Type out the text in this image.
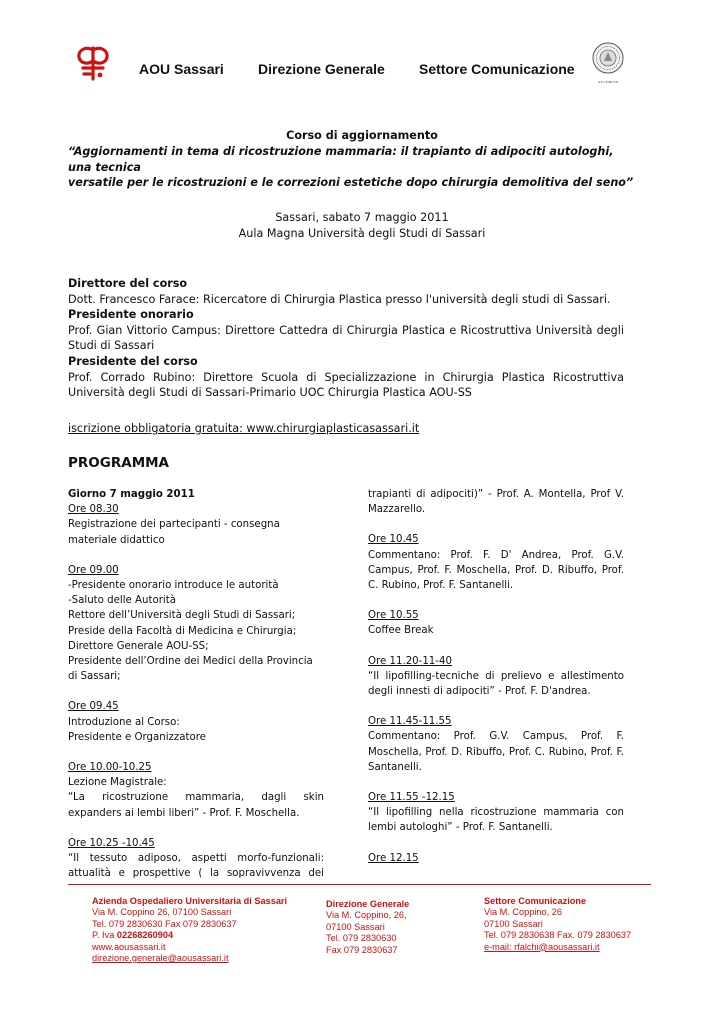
AOU Sassari Direzione Generale Settore Comunicazione
A.D. MDLXII
Corso di aggiornamento
“Aggiornamenti in tema di ricostruzione mammaria: il trapianto di adipociti autologhi, una tecnica
versatile per le ricostruzioni e le correzioni estetiche dopo chirurgia demolitiva del seno”
Sassari, sabato 7 maggio 2011
Aula Magna Università degli Studi di Sassari
Direttore del corso
Dott. Francesco Farace: Ricercatore di Chirurgia Plastica presso l'università degli studi di Sassari.
Presidente onorario
Prof. Gian Vittorio Campus: Direttore Cattedra di Chirurgia Plastica e Ricostruttiva Università degli Studi di Sassari
Presidente del corso
Prof. Corrado Rubino: Direttore Scuola di Specializzazione in Chirurgia Plastica Ricostruttiva Università degli Studi di Sassari-Primario UOC Chirurgia Plastica AOU-SS
iscrizione obbligatoria gratuita: www.chirurgiaplasticasassari.it
PROGRAMMA

Giorno 7 maggio 2011

Ore 08.30

Registrazione dei partecipanti - consegna materiale didattico

Ore 09.00

-Presidente onorario introduce le autorità

-Saluto delle Autorità

Rettore dell’Università degli Studi di Sassari;

Preside della Facoltà di Medicina e Chirurgia;

Direttore Generale AOU-SS;

Presidente dell’Ordine dei Medici della Provincia di Sassari;

Ore 09.45

Introduzione al Corso:

Presidente e Organizzatore

Ore 10.00-10.25

Lezione Magistrale:

“La ricostruzione mammaria, dagli skin expanders ai lembi liberi” - Prof. F. Moschella.

Ore 10.25 -10.45

“Il tessuto adiposo, aspetti morfo-funzionali: attualità e prospettive ( la sopravivvenza dei

trapianti di adipociti)” - Prof. A. Montella, Prof V. Mazzarello.

Ore 10.45

Commentano: Prof. F. D' Andrea, Prof. G.V. Campus, Prof. F. Moschella, Prof. D. Ribuffo, Prof. C. Rubino, Prof. F. Santanelli.

Ore 10.55

Coffee Break

Ore 11.20-11-40

“Il lipofilling-tecniche di prelievo e allestimento degli innesti di adipociti” - Prof. F. D'andrea.

Ore 11.45-11.55

Commentano: Prof. G.V. Campus, Prof. F. Moschella, Prof. D. Ribuffo, Prof. C. Rubino, Prof. F. Santanelli.

Ore 11.55 -12.15

“Il lipofilling nella ricostruzione mammaria con lembi autologhi” - Prof. F. Santanelli.

Ore 12.15

Azienda Ospedaliero Universitaria di Sassari
Via M. Coppino 26, 07100 Sassari
Tel. 079 2830630 Fax 079 2830637
P. Iva 02268260904
www.aousassari.it
direzione.generale@aousassari.it
Direzione Generale
Via M. Coppino, 26,
07100 Sassari
Tel. 079 2830630
Fax 079 2830637
Settore Comunicazione
Via M. Coppino, 26
07100 Sassari
Tel. 079 2830638 Fax. 079 2830637
e-mail: rfalchi@aousassari.it
